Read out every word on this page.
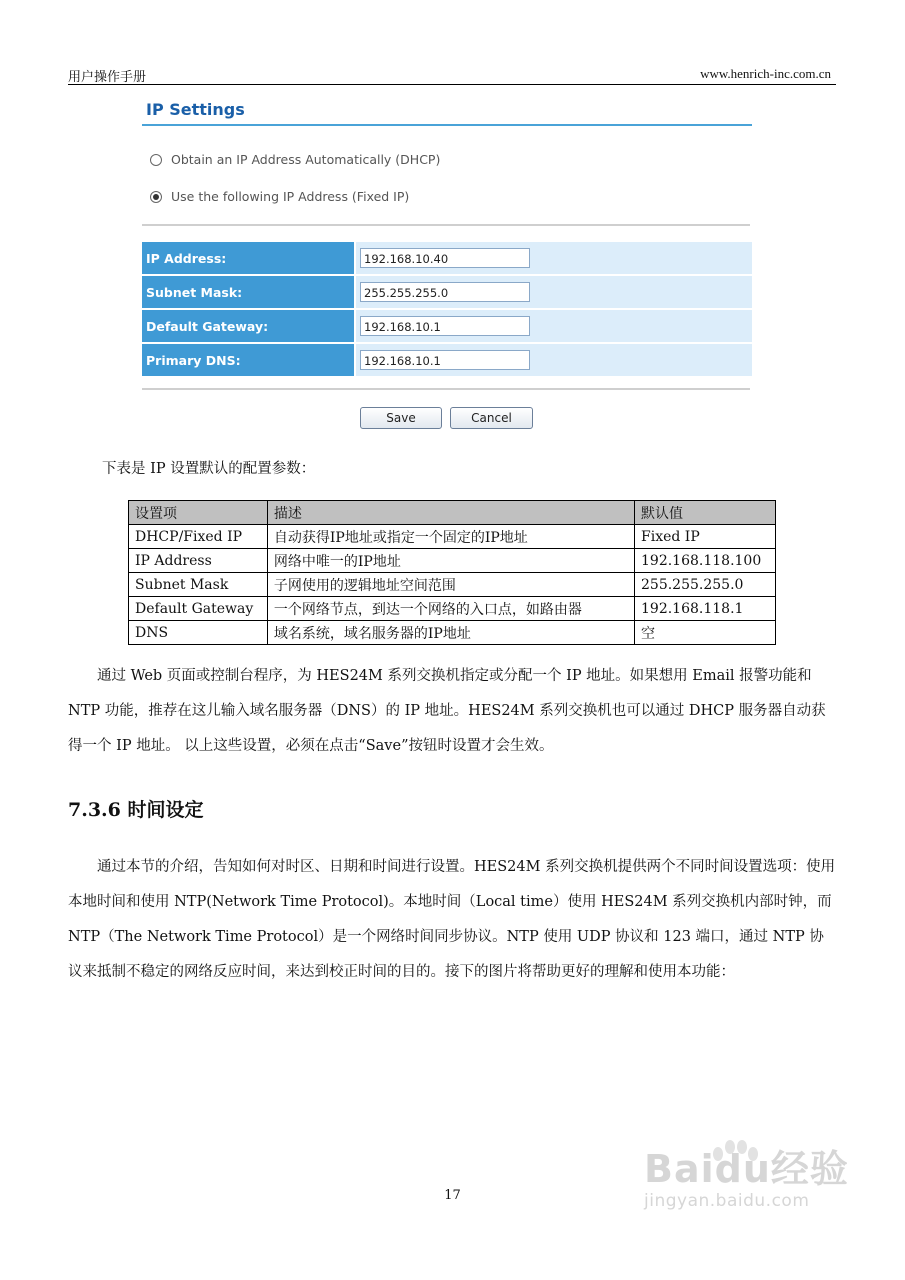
用户操作手册	www.henrich-inc.com.cn
IP Settings
Obtain an IP Address Automatically (DHCP)
Use the following IP Address (Fixed IP)
IP Address:	192.168.10.40
Subnet Mask:	255.255.255.0
Default Gateway:	192.168.10.1
Primary DNS:	192.168.10.1
Save	Cancel
下表是 IP 设置默认的配置参数：
设置项	描述	默认值
DHCP/Fixed IP	自动获得IP地址或指定一个固定的IP地址	Fixed IP
IP Address	网络中唯一的IP地址	192.168.118.100
Subnet Mask	子网使用的逻辑地址空间范围	255.255.255.0
Default Gateway	一个网络节点，到达一个网络的入口点，如路由器	192.168.118.1
DNS	域名系统，域名服务器的IP地址	空
通过 Web 页面或控制台程序，为 HES24M 系列交换机指定或分配一个 IP 地址。如果想用 Email 报警功能和 NTP 功能，推荐在这儿输入域名服务器（DNS）的 IP 地址。HES24M 系列交换机也可以通过 DHCP 服务器自动获得一个 IP 地址。 以上这些设置，必须在点击“Save”按钮时设置才会生效。
7.3.6 时间设定
通过本节的介绍，告知如何对时区、日期和时间进行设置。HES24M 系列交换机提供两个不同时间设置选项：使用本地时间和使用 NTP(Network Time Protocol)。本地时间（Local time）使用 HES24M 系列交换机内部时钟，而 NTP（The Network Time Protocol）是一个网络时间同步协议。NTP 使用 UDP 协议和 123 端口，通过 NTP 协议来抵制不稳定的网络反应时间，来达到校正时间的目的。接下的图片将帮助更好的理解和使用本功能：
17
Baidu经验
jingyan.baidu.com
